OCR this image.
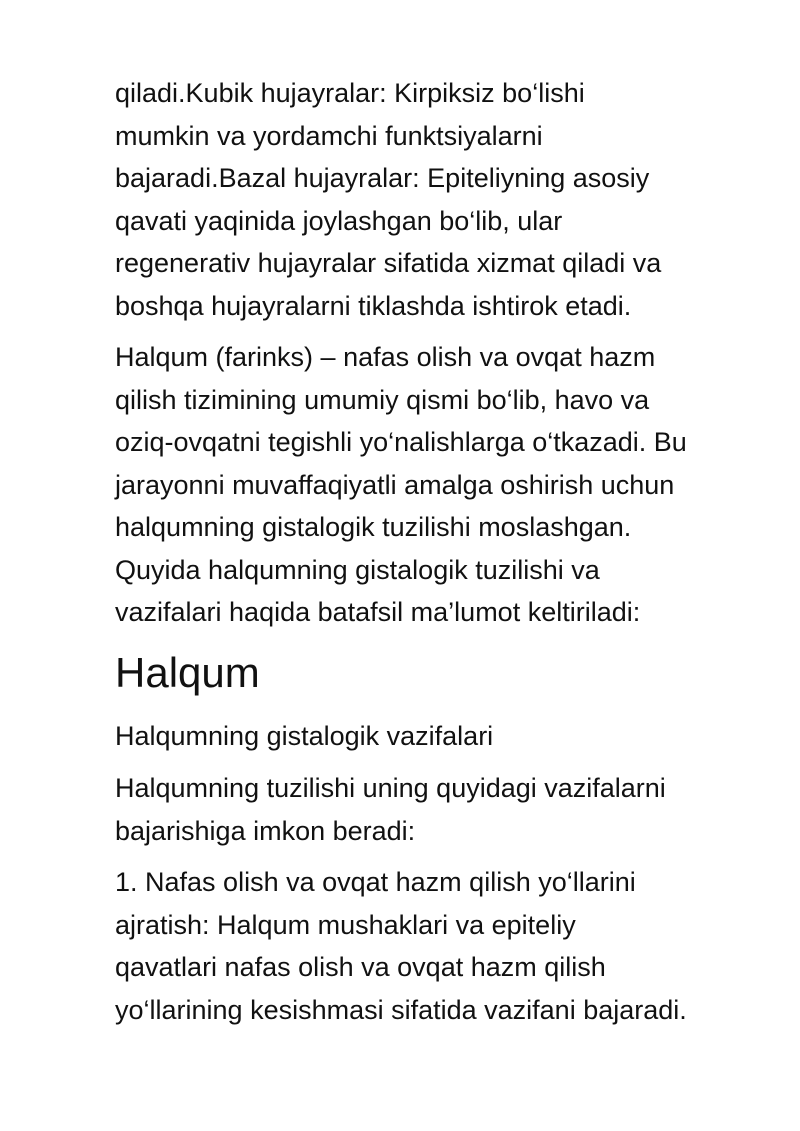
qiladi.Kubik hujayralar: Kirpiksiz bo‘lishi
mumkin va yordamchi funktsiyalarni
bajaradi.Bazal hujayralar: Epiteliyning asosiy
qavati yaqinida joylashgan bo‘lib, ular
regenerativ hujayralar sifatida xizmat qiladi va
boshqa hujayralarni tiklashda ishtirok etadi.

Halqum (farinks) – nafas olish va ovqat hazm
qilish tizimining umumiy qismi bo‘lib, havo va
oziq-ovqatni tegishli yo‘nalishlarga o‘tkazadi. Bu
jarayonni muvaffaqiyatli amalga oshirish uchun
halqumning gistalogik tuzilishi moslashgan.
Quyida halqumning gistalogik tuzilishi va
vazifalari haqida batafsil ma’lumot keltiriladi:

Halqum
Halqumning gistalogik vazifalari

Halqumning tuzilishi uning quyidagi vazifalarni
bajarishiga imkon beradi:

1. Nafas olish va ovqat hazm qilish yo‘llarini
ajratish: Halqum mushaklari va epiteliy
qavatlari nafas olish va ovqat hazm qilish
yo‘llarining kesishmasi sifatida vazifani bajaradi.
